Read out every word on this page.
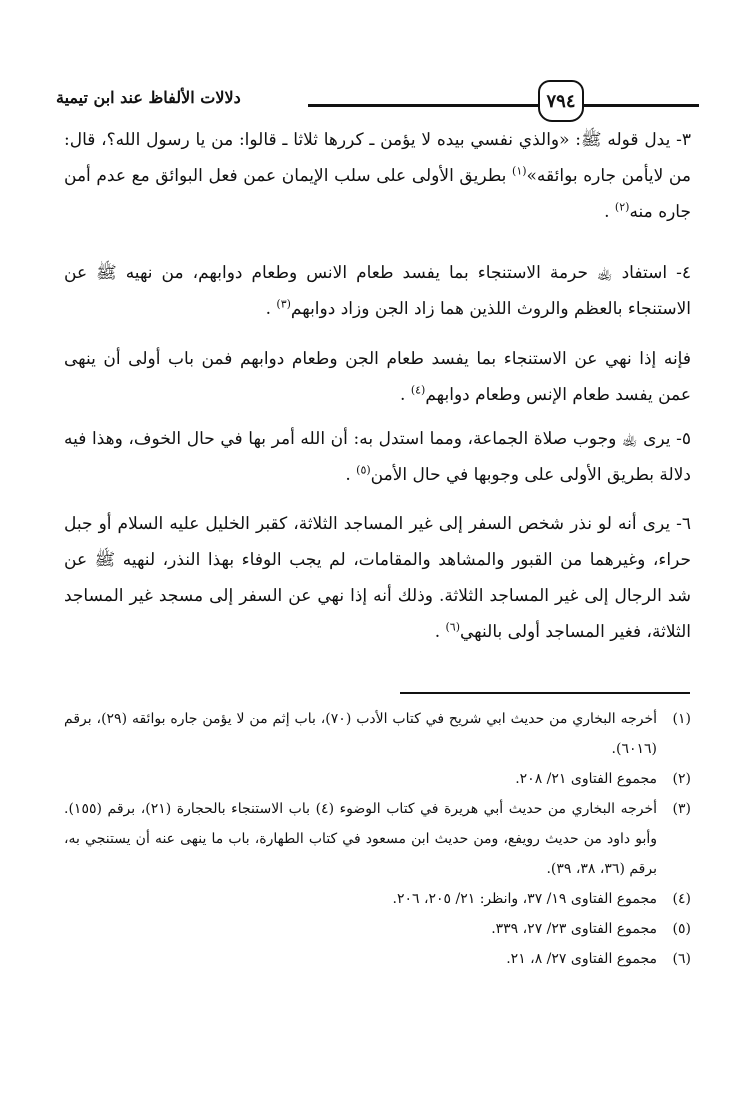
٧٩٤
دلالات الألفاظ عند ابن تيمية

٣- يدل قوله ﷺ: «والذي نفسي بيده لا يؤمن ـ كررها ثلاثا ـ قالوا: من يا رسول الله؟، قال: من لايأمن جاره بوائقه»$^{(١)}$ بطريق الأولى على سلب الإيمان عمن فعل البوائق مع عدم أمن جاره منه$^{(٢)}$ .

٤- استفاد ﵀ حرمة الاستنجاء بما يفسد طعام الانس وطعام دوابهم، من نهيه ﷺ عن الاستنجاء بالعظم والروث اللذين هما زاد الجن وزاد دوابهم$^{(٣)}$ .

فإنه إذا نهي عن الاستنجاء بما يفسد طعام الجن وطعام دوابهم فمن باب أولى أن ينهى عمن يفسد طعام الإنس وطعام دوابهم$^{(٤)}$ .

٥- يرى ﵀ وجوب صلاة الجماعة، ومما استدل به: أن الله أمر بها في حال الخوف، وهذا فيه دلالة بطريق الأولى على وجوبها في حال الأمن$^{(٥)}$ .

٦- يرى أنه لو نذر شخص السفر إلى غير المساجد الثلاثة، كقبر الخليل عليه السلام أو جبل حراء، وغيرهما من القبور والمشاهد والمقامات، لم يجب الوفاء بهذا النذر، لنهيه ﷺ عن شد الرجال إلى غير المساجد الثلاثة. وذلك أنه إذا نهي عن السفر إلى مسجد غير المساجد الثلاثة، فغير المساجد أولى بالنهي$^{(٦)}$ .

(١)
أخرجه البخاري من حديث ابي شريح في كتاب الأدب (٧٠)، باب إثم من لا يؤمن جاره بوائقه (٢٩)، برقم (٦٠١٦).
(٢)
مجموع الفتاوى ٢١/ ٢٠٨.
(٣)
أخرجه البخاري من حديث أبي هريرة في كتاب الوضوء (٤) باب الاستنجاء بالحجارة (٢١)، برقم (١٥٥). وأبو داود من حديث رويفع، ومن حديث ابن مسعود في كتاب الطهارة، باب ما ينهى عنه أن يستنجي به، برقم (٣٦، ٣٨، ٣٩).
(٤)
مجموع الفتاوى ١٩/ ٣٧، وانظر: ٢١/ ٢٠٥، ٢٠٦.
(٥)
مجموع الفتاوى ٢٣/ ٢٧، ٣٣٩.
(٦)
مجموع الفتاوى ٢٧/ ٨، ٢١.
